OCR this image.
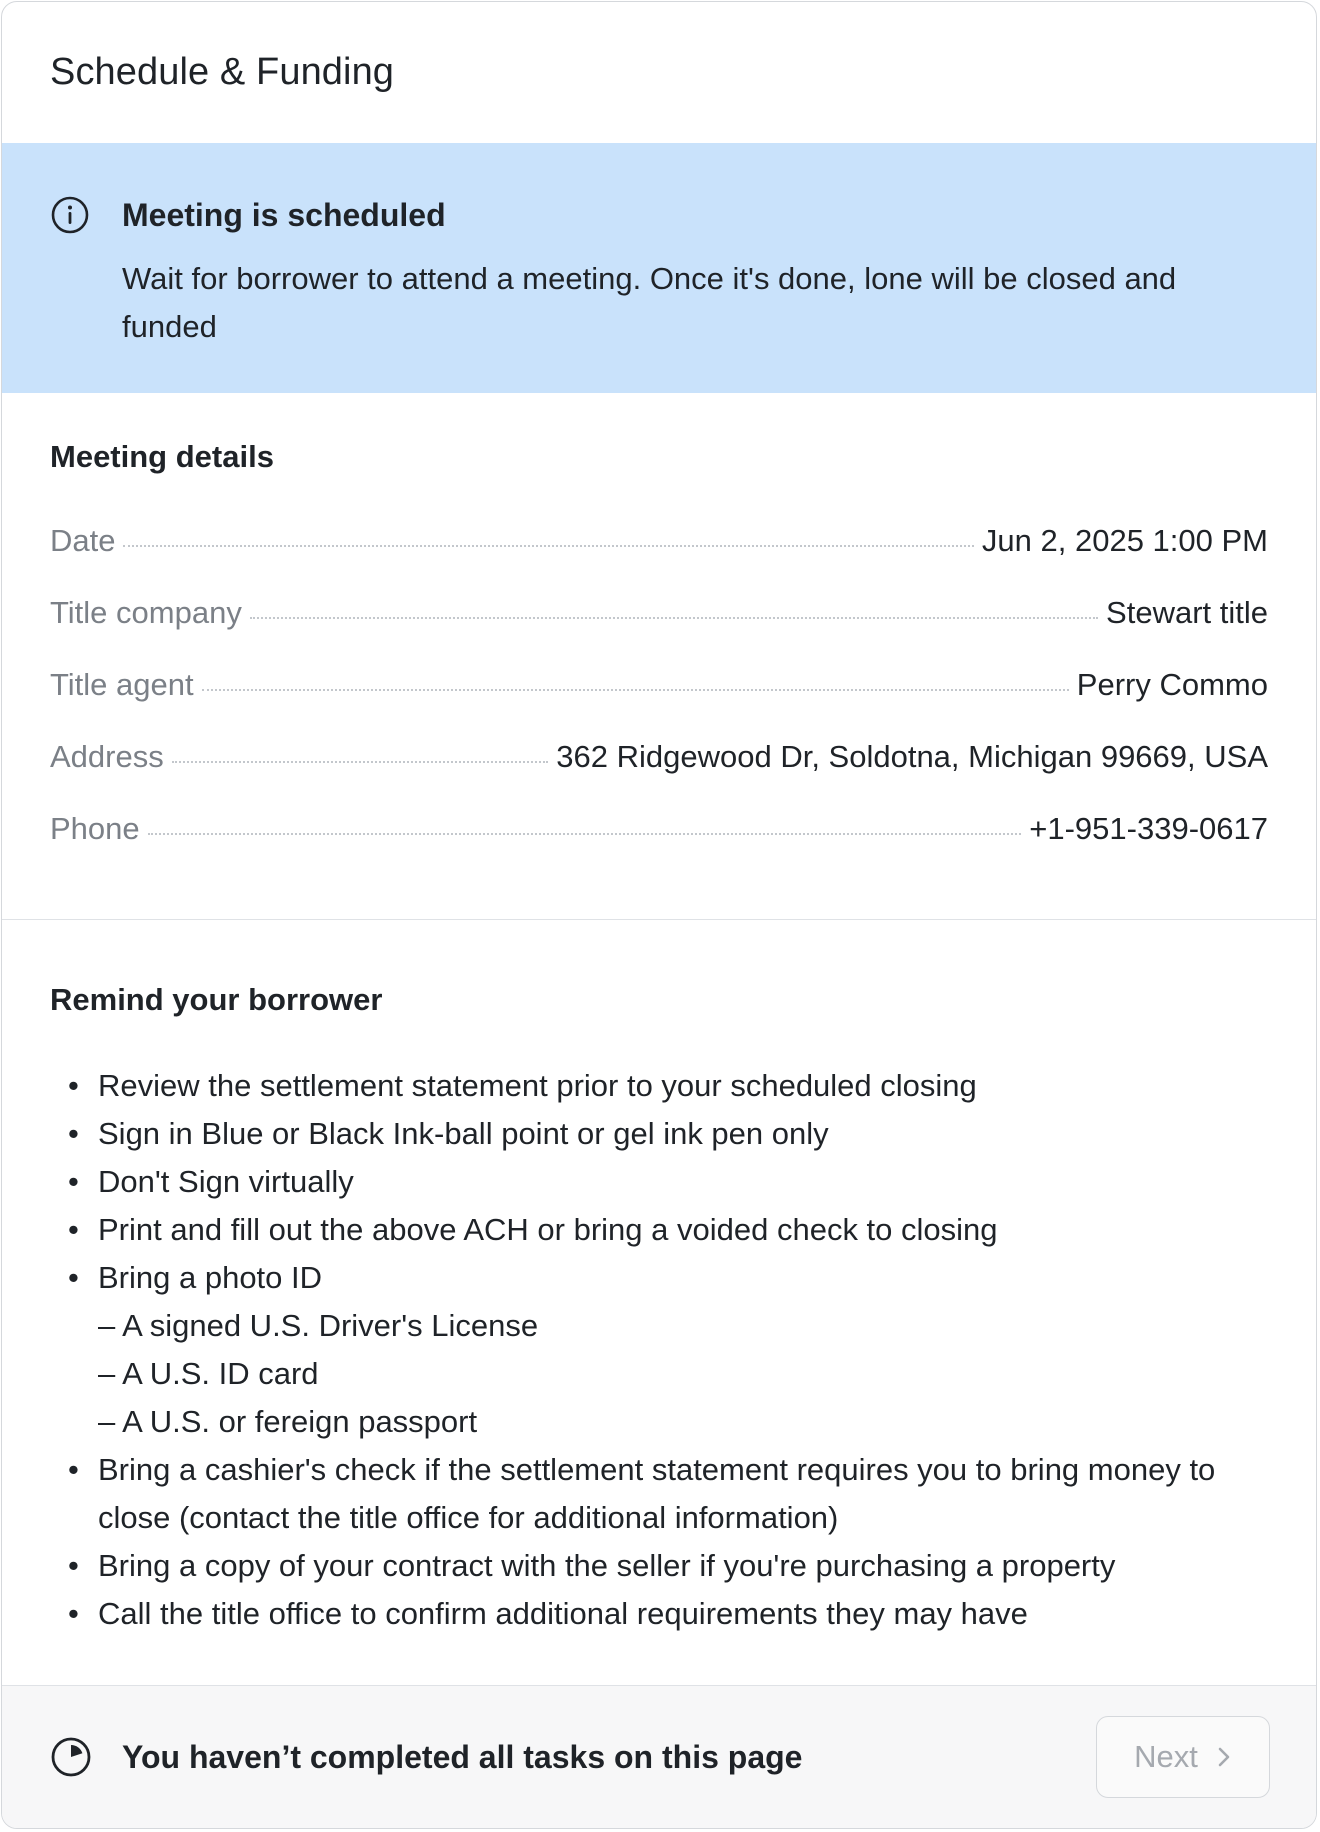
Schedule & Funding

Meeting is scheduled

Wait for borrower to attend a meeting. Once it's done, lone will be closed and funded

Meeting details

Date	Jun 2, 2025 1:00 PM
Title company	Stewart title
Title agent	Perry Commo
Address	362 Ridgewood Dr, Soldotna, Michigan 99669, USA
Phone	+1-951-339-0617

Remind your borrower

• Review the settlement statement prior to your scheduled closing
• Sign in Blue or Black Ink-ball point or gel ink pen only
• Don't Sign virtually
• Print and fill out the above ACH or bring a voided check to closing
• Bring a photo ID
– A signed U.S. Driver's License
– A U.S. ID card
– A U.S. or fereign passport
• Bring a cashier's check if the settlement statement requires you to bring money to close (contact the title office for additional information)
• Bring a copy of your contract with the seller if you're purchasing a property
• Call the title office to confirm additional requirements they may have
You haven’t completed all tasks on this page	Next
